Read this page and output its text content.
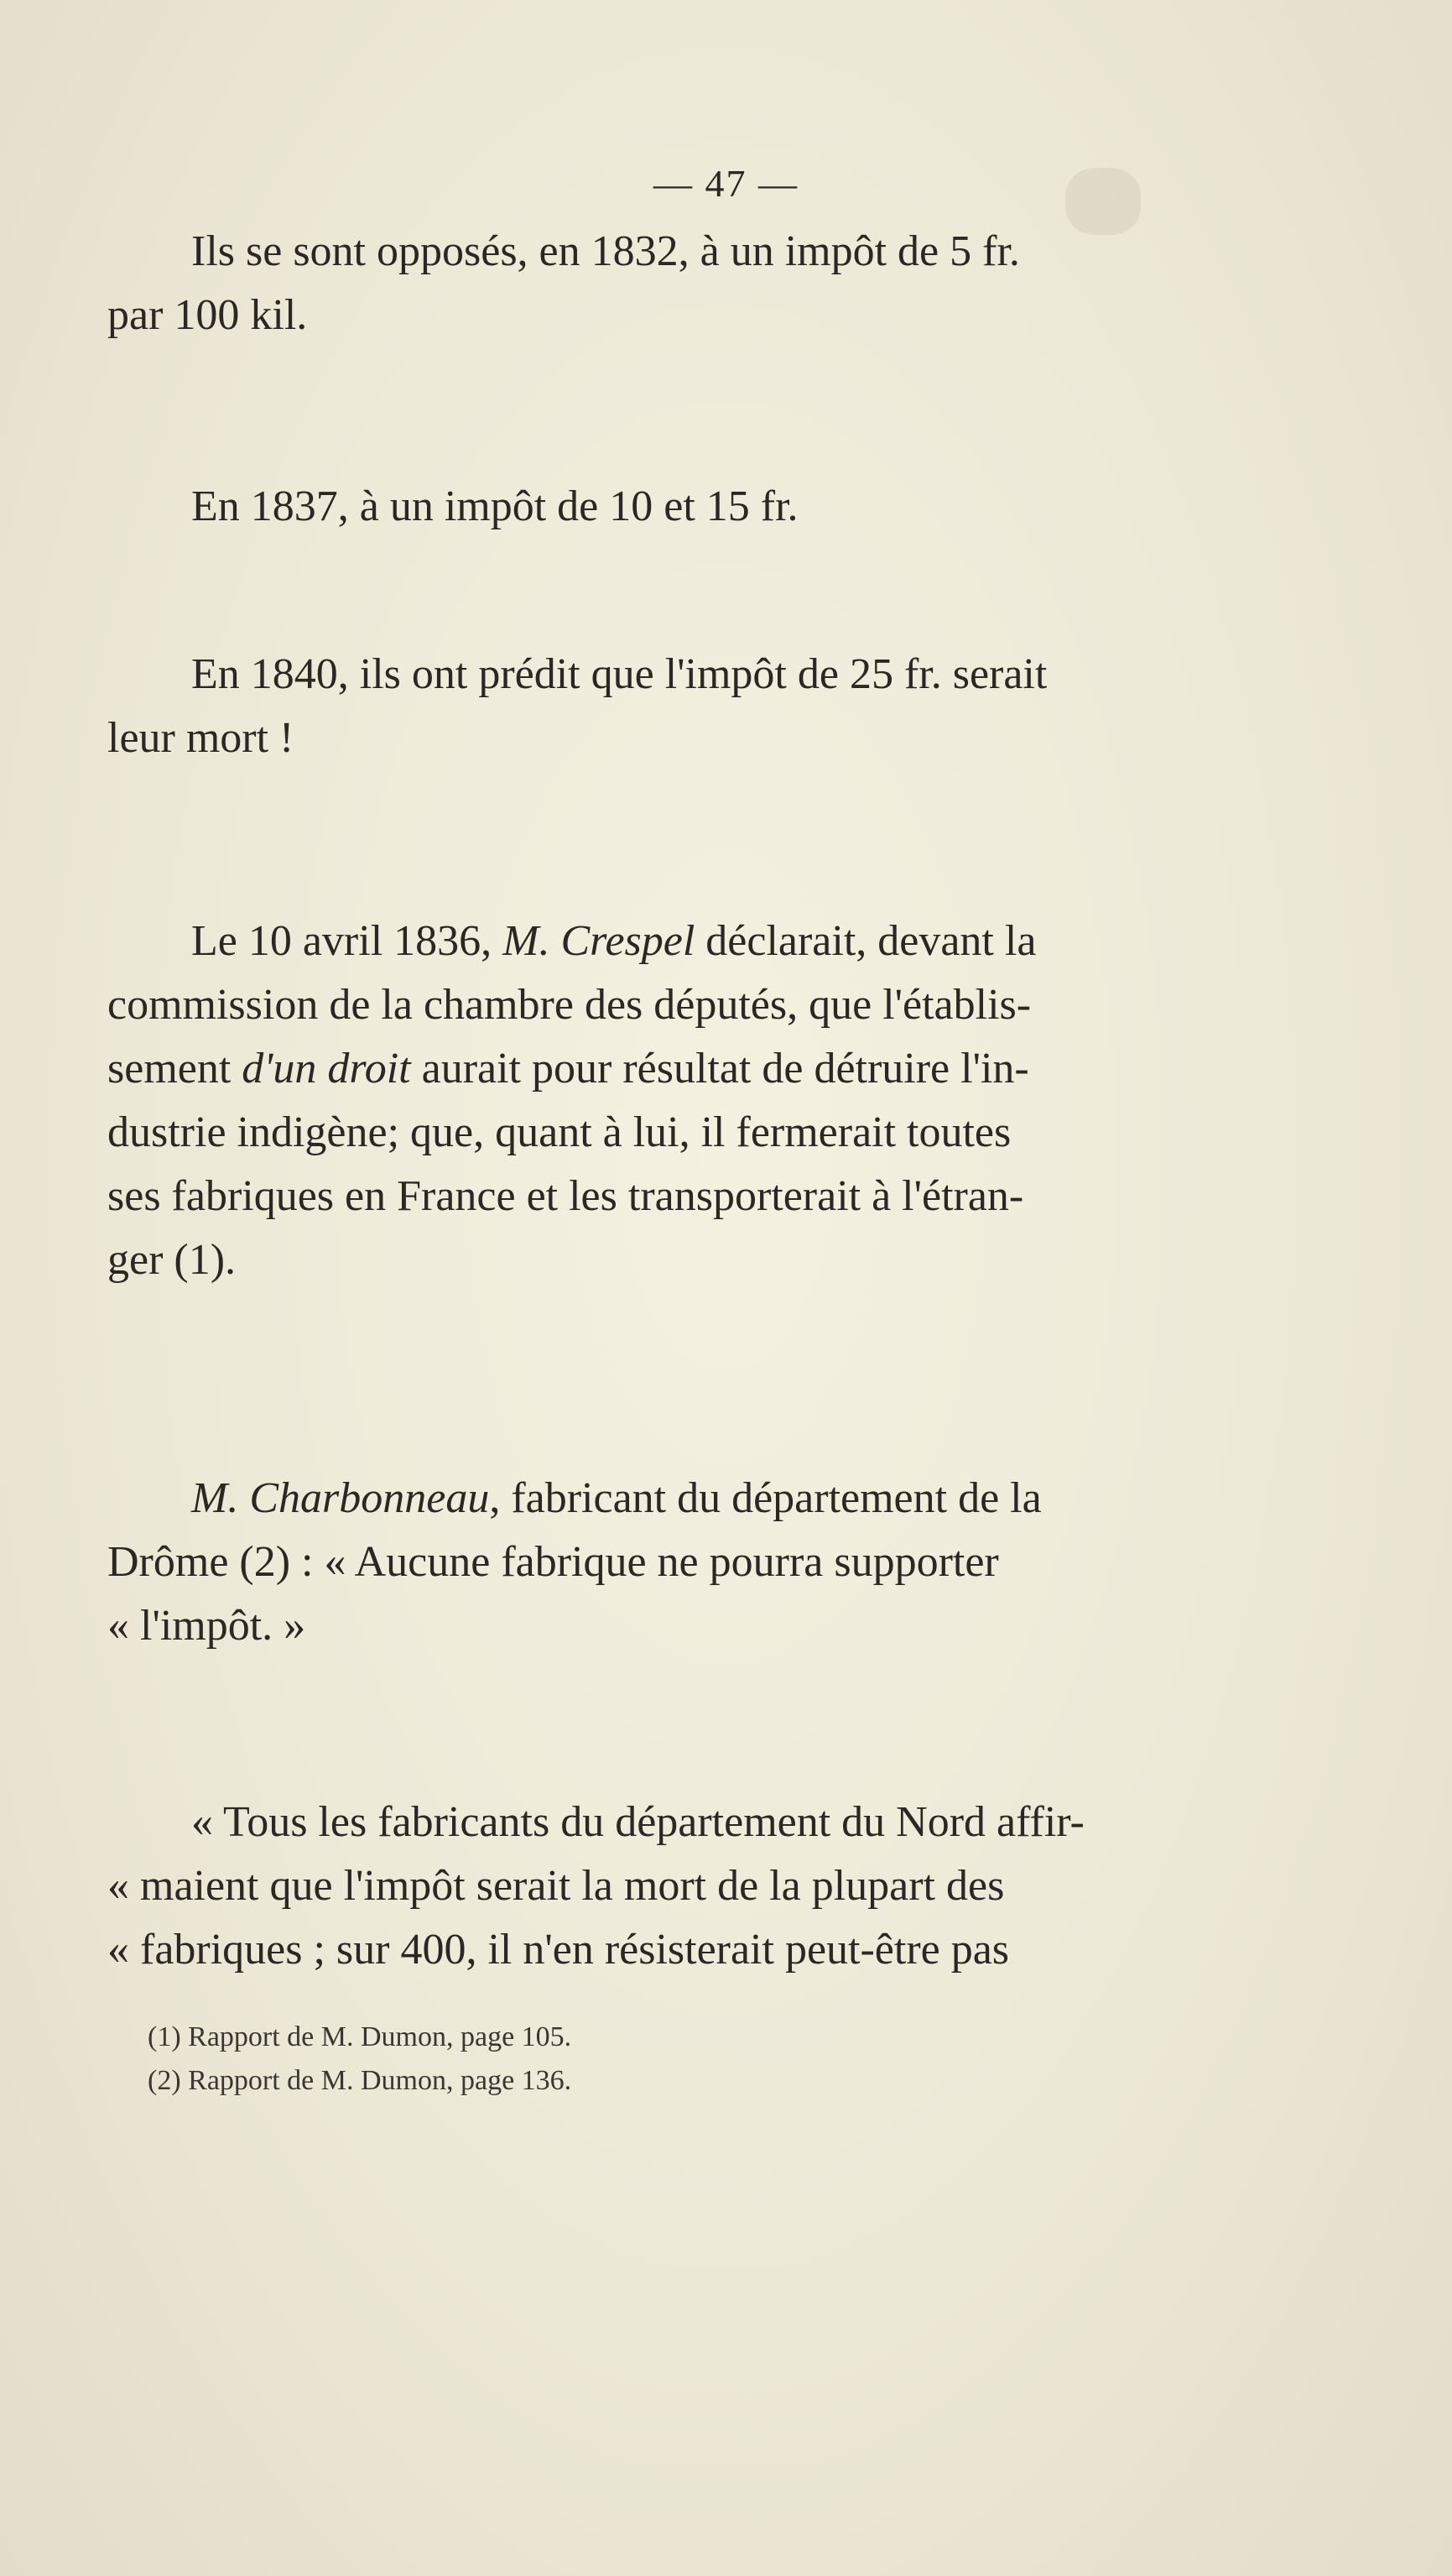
— 47 —

Ils se sont opposés, en 1832, à un impôt de 5 fr.

par 100 kil.

En 1837, à un impôt de 10 et 15 fr.

En 1840, ils ont prédit que l'impôt de 25 fr. serait

leur mort !

Le 10 avril 1836, M. Crespel déclarait, devant la

commission de la chambre des députés, que l'établis-

sement d'un droit aurait pour résultat de détruire l'in-

dustrie indigène; que, quant à lui, il fermerait toutes

ses fabriques en France et les transporterait à l'étran-

ger (1).

M. Charbonneau, fabricant du département de la

Drôme (2) : « Aucune fabrique ne pourra supporter

« l'impôt. »

« Tous les fabricants du département du Nord affir-

« maient que l'impôt serait la mort de la plupart des

« fabriques ; sur 400, il n'en résisterait peut-être pas

(1) Rapport de M. Dumon, page 105.

(2) Rapport de M. Dumon, page 136.
